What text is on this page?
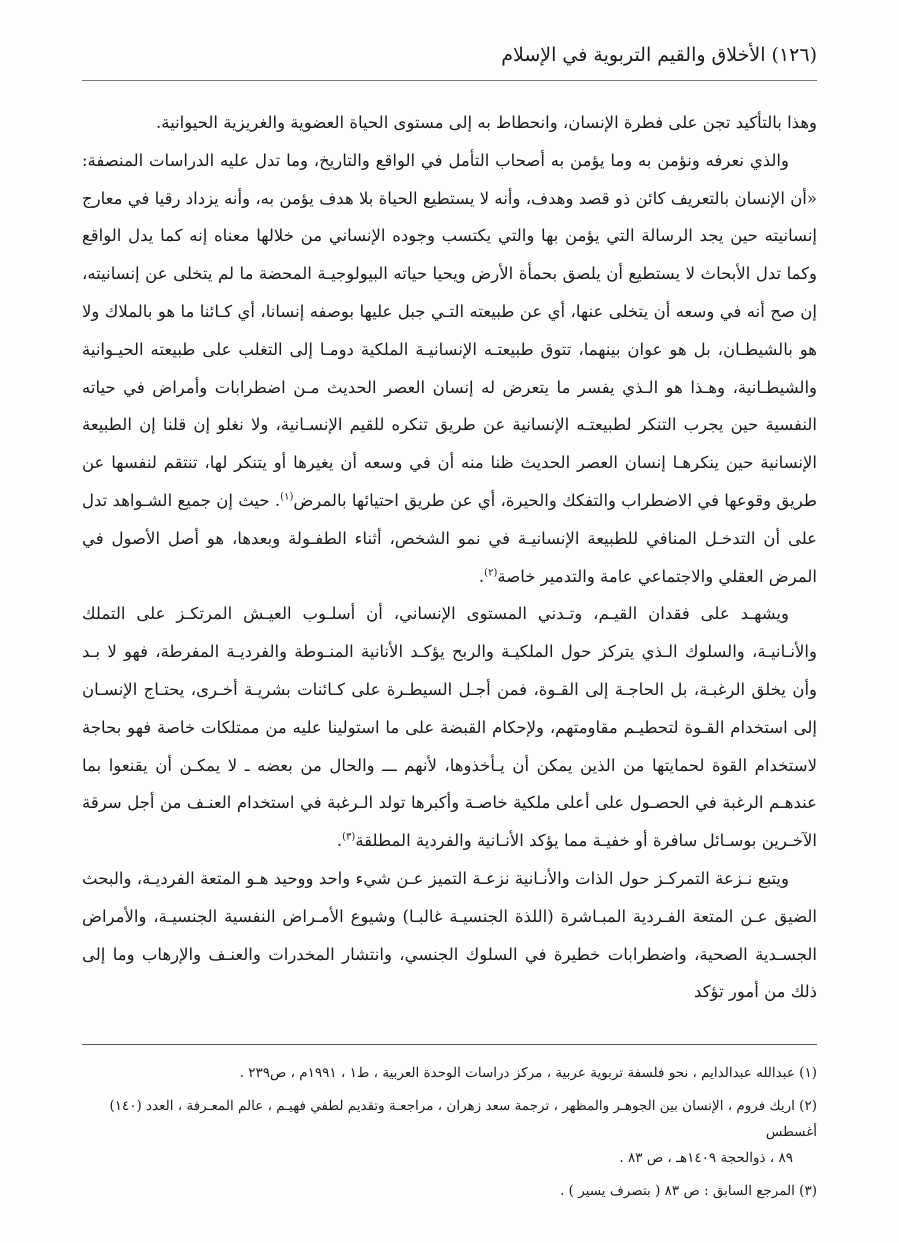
(١٢٦) الأخلاق والقيم التربوية في الإسلام

وهذا بالتأكيد تجن على فطرة الإنسان، وانحطاط به إلى مستوى الحياة العضوية والغريزية الحيوانية.

والذي نعرفه ونؤمن به وما يؤمن به أصحاب التأمل في الواقع والتاريخ، وما تدل عليه الدراسات المنصفة: «أن الإنسان بالتعريف كائن ذو قصد وهدف، وأنه لا يستطيع الحياة بلا هدف يؤمن به، وأنه يزداد رقيا في معارج إنسانيته حين يجد الرسالة التي يؤمن بها والتي يكتسب وجوده الإنساني من خلالها معناه إنه كما يدل الواقع وكما تدل الأبحاث لا يستطيع أن يلصق بحمأة الأرض ويحيا حياته البيولوجيـة المحضة ما لم يتخلى عن إنسانيته، إن صح أنه في وسعه أن يتخلى عنها، أي عن طبيعته التـي جبل عليها بوصفه إنسانا، أي كـائنا ما هو بالملاك ولا هو بالشيطـان، بل هو عوان بينهما، تتوق طبيعتـه الإنسانيـة الملكية دومـا إلى التغلب على طبيعته الحيـوانية والشيطـانية، وهـذا هو الـذي يفسر ما يتعرض له إنسان العصر الحديث مـن اضطرابات وأمراض في حياته النفسية حين يجرب التنكر لطبيعتـه الإنسانية عن طريق تنكره للقيم الإنسـانية، ولا نغلو إن قلنا إن الطبيعة الإنسانية حين ينكرهـا إنسان العصر الحديث ظنا منه أن في وسعه أن يغيرها أو يتنكر لها، تنتقم لنفسها عن طريق وقوعها في الاضطراب والتفكك والحيرة، أي عن طريق احتيائها بالمرض$^{(١)}$. حيث إن جميع الشـواهد تدل على أن التدخـل المنافي للطبيعة الإنسانيـة في نمو الشخص، أثناء الطفـولة وبعدها، هو أصل الأصول في المرض العقلي والاجتماعي عامة والتدمير خاصة$^{(٢)}$.

ويشهـد على فقدان القيـم، وتـدني المستوى الإنساني، أن أسلـوب العيـش المرتكـز على التملك والأنـانيـة، والسلوك الـذي يتركز حول الملكيـة والربح يؤكـد الأنانية المنـوطة والفرديـة المفرطة، فهو لا بـد وأن يخلق الرغبـة، بل الحاجـة إلى القـوة، فمن أجـل السيطـرة على كـائنات بشريـة أخـرى، يحتـاج الإنسـان إلى استخدام القـوة لتحطيـم مقاومتهم، ولإحكام القبضة على ما استولينا عليه من ممتلكات خاصة فهو بحاجة لاستخدام القوة لحمايتها من الذين يمكن أن يـأخذوها، لأنهم ـــ والحال من بعضه ـ لا يمكـن أن يقنعوا بما عندهـم الرغبة في الحصـول على أعلى ملكية خاصـة وأكبرها تولد الـرغبة في استخدام العنـف من أجل سرقة الآخـرين بوسـائل سافرة أو خفيـة مما يؤكد الأنـانية والفردية المطلقة$^{(٣)}$.

ويتبع نـزعة التمركـز حول الذات والأنـانية نزعـة التميز عـن شيء واحد ووحيد هـو المتعة الفرديـة، والبحث الضيق عـن المتعة الفـردية المبـاشرة (اللذة الجنسيـة غالبـا) وشيوع الأمـراض النفسية الجنسيـة، والأمراض الجسـدية الصحية، واضطرابات خطيرة في السلوك الجنسي، وانتشار المخدرات والعنـف والإرهاب وما إلى ذلك من أمور تؤكد

(١) عبدالله عبدالدايم ، نحو فلسفة تربوية عربية ، مركز دراسات الوحدة العربية ، ط١ ، ١٩٩١م ، ص٢٣٩ .

(٢) اريك فروم ، الإنسان بين الجوهـر والمظهر ، ترجمة سعد زهران ، مراجعـة وتقديم لطفي فهيـم ، عالم المعـرفة ، العدد (١٤٠) أغسطس
٨٩ ، ذوالحجة ١٤٠٩هـ ، ص ٨٣ .

(٣) المرجع السابق : ص ٨٣ ( بتصرف يسير ) .
